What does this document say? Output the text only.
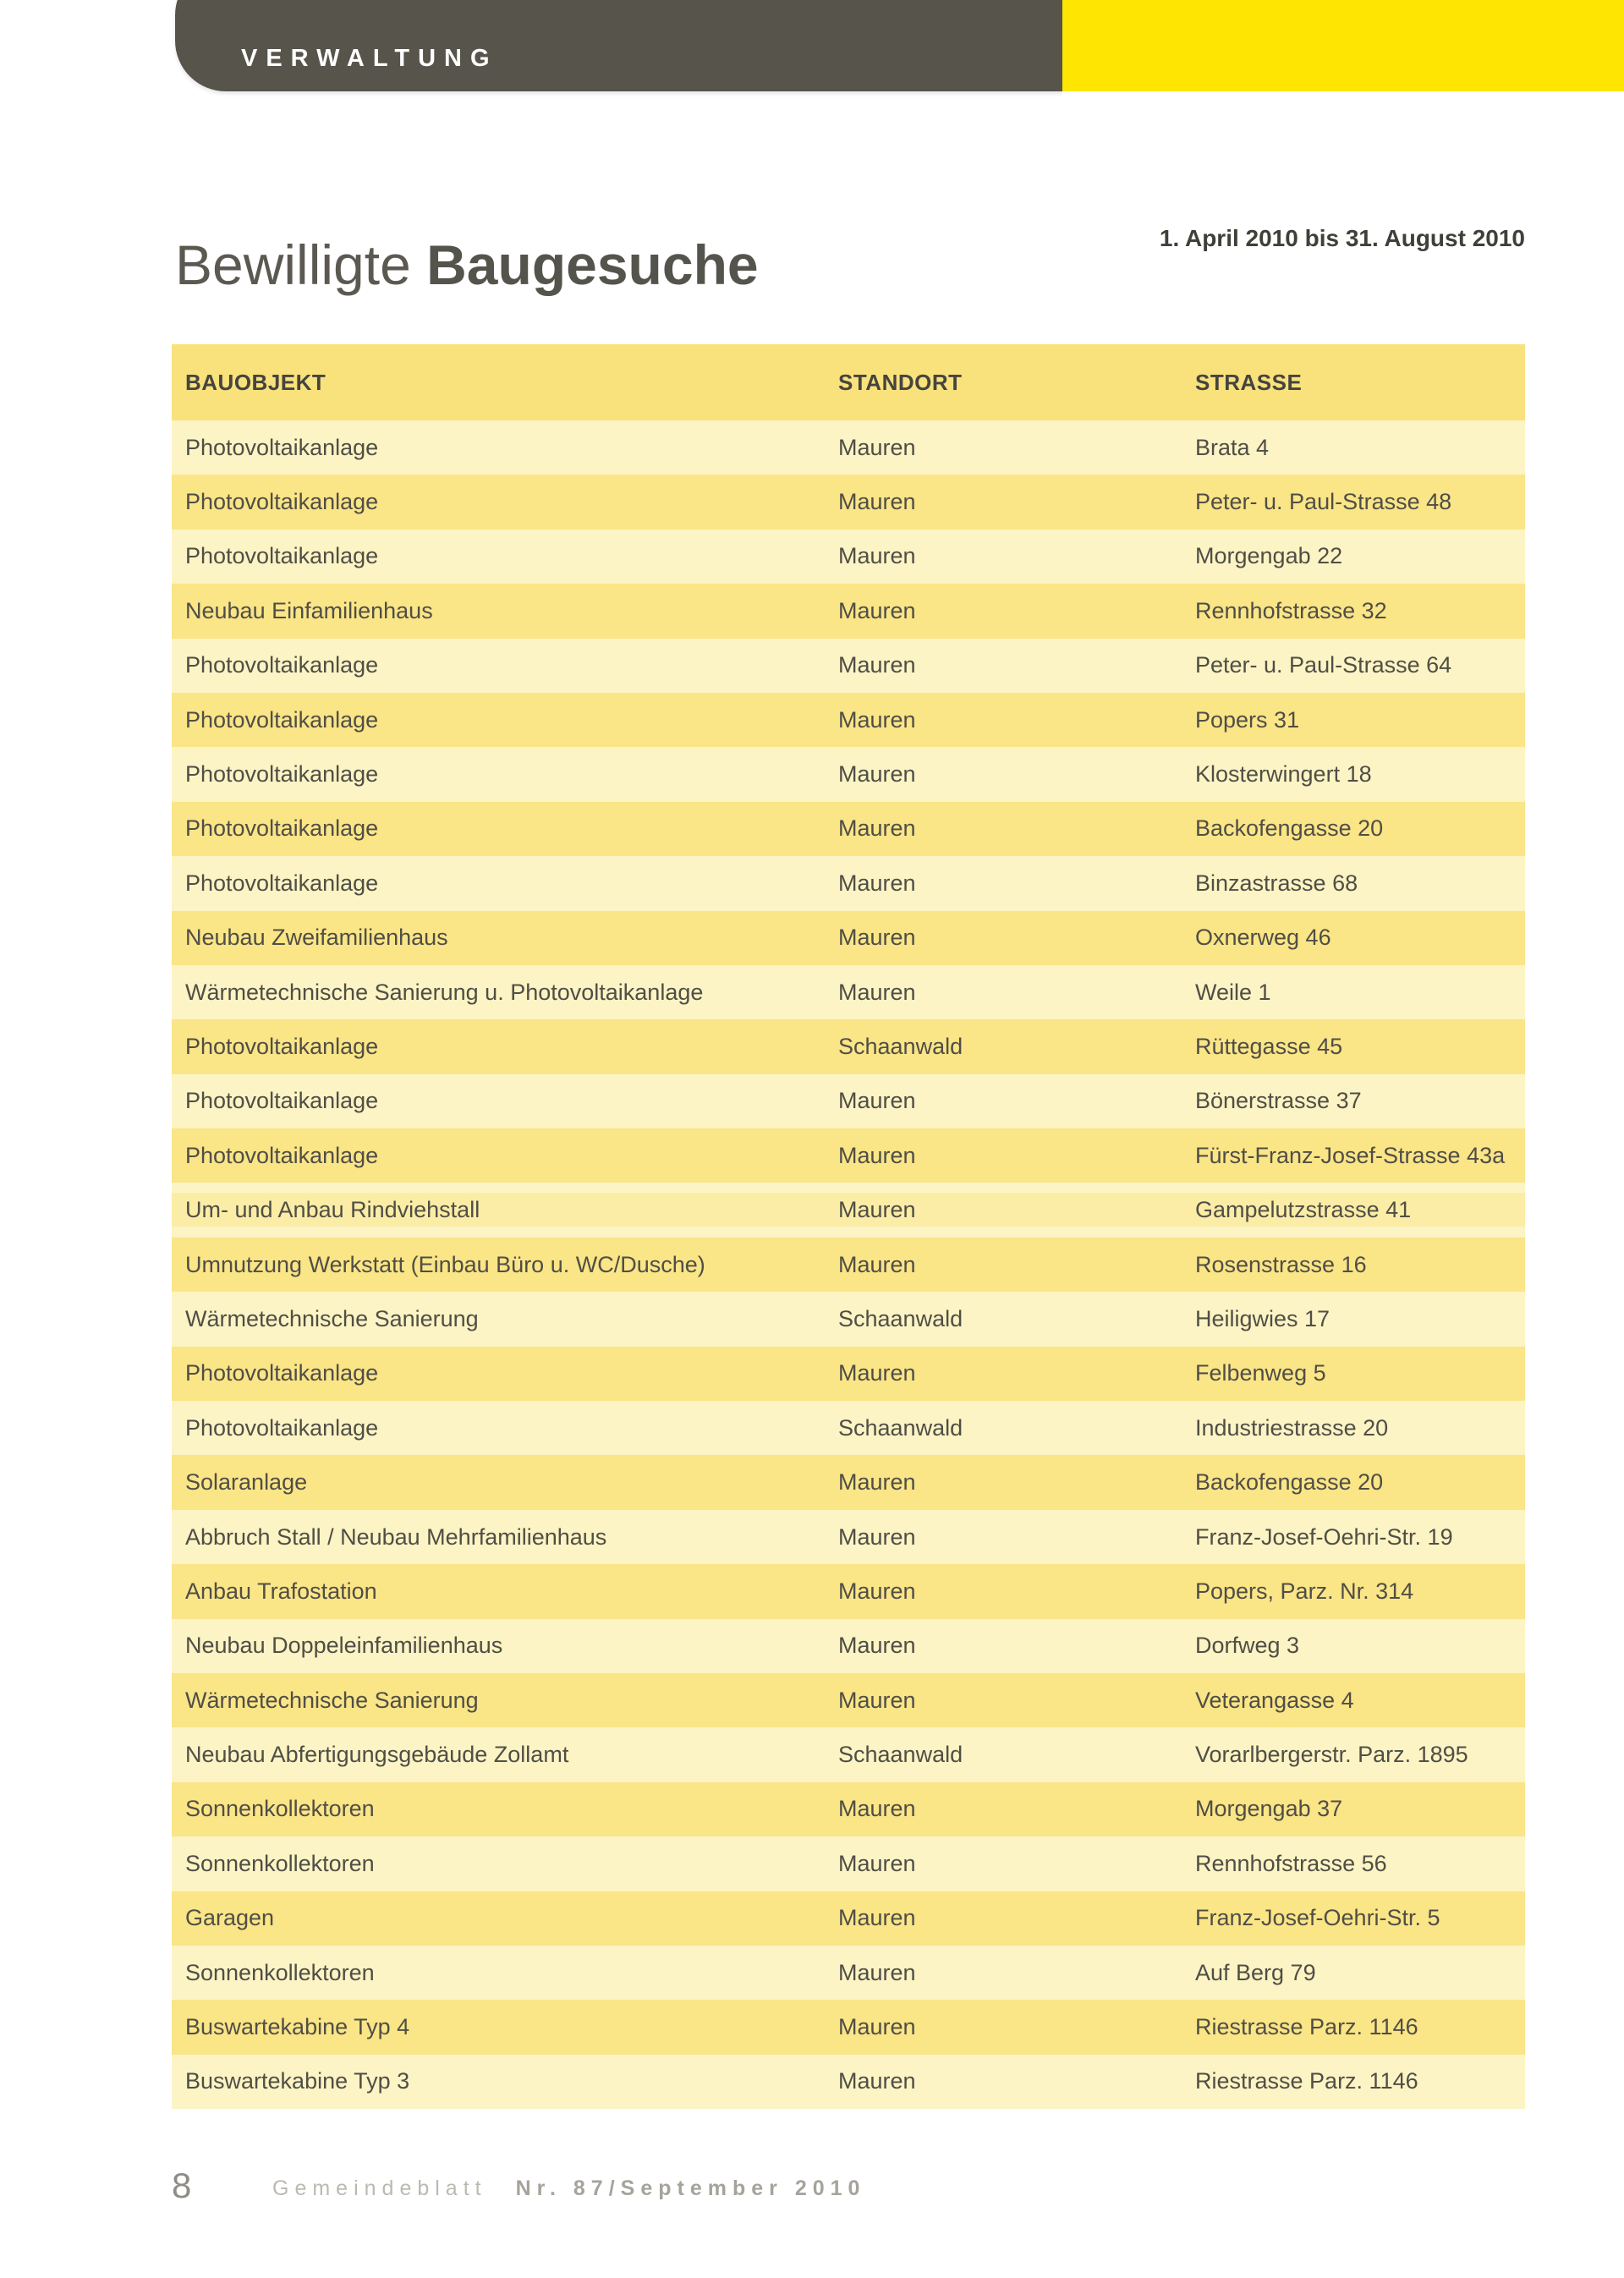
VERWALTUNG
Bewilligte Baugesuche	1. April 2010 bis 31. August 2010
BAUOBJEKT	STANDORT	STRASSE
Photovoltaikanlage	Mauren	Brata 4
Photovoltaikanlage	Mauren	Peter- u. Paul-Strasse 48
Photovoltaikanlage	Mauren	Morgengab 22
Neubau Einfamilienhaus	Mauren	Rennhofstrasse 32
Photovoltaikanlage	Mauren	Peter- u. Paul-Strasse 64
Photovoltaikanlage	Mauren	Popers 31
Photovoltaikanlage	Mauren	Klosterwingert 18
Photovoltaikanlage	Mauren	Backofengasse 20
Photovoltaikanlage	Mauren	Binzastrasse 68
Neubau Zweifamilienhaus	Mauren	Oxnerweg 46
Wärmetechnische Sanierung u. Photovoltaikanlage	Mauren	Weile 1
Photovoltaikanlage	Schaanwald	Rüttegasse 45
Photovoltaikanlage	Mauren	Bönerstrasse 37
Photovoltaikanlage	Mauren	Fürst-Franz-Josef-Strasse 43a
Um- und Anbau Rindviehstall	Mauren	Gampelutzstrasse 41
Umnutzung Werkstatt (Einbau Büro u. WC/Dusche)	Mauren	Rosenstrasse 16
Wärmetechnische Sanierung	Schaanwald	Heiligwies 17
Photovoltaikanlage	Mauren	Felbenweg 5
Photovoltaikanlage	Schaanwald	Industriestrasse 20
Solaranlage	Mauren	Backofengasse 20
Abbruch Stall / Neubau Mehrfamilienhaus	Mauren	Franz-Josef-Oehri-Str. 19
Anbau Trafostation	Mauren	Popers, Parz. Nr. 314
Neubau Doppeleinfamilienhaus	Mauren	Dorfweg 3
Wärmetechnische Sanierung	Mauren	Veterangasse 4
Neubau Abfertigungsgebäude Zollamt	Schaanwald	Vorarlbergerstr. Parz. 1895
Sonnenkollektoren	Mauren	Morgengab 37
Sonnenkollektoren	Mauren	Rennhofstrasse 56
Garagen	Mauren	Franz-Josef-Oehri-Str. 5
Sonnenkollektoren	Mauren	Auf Berg 79
Buswartekabine Typ 4	Mauren	Riestrasse Parz. 1146
Buswartekabine Typ 3	Mauren	Riestrasse Parz. 1146
8	Gemeindeblatt Nr. 87/September 2010
